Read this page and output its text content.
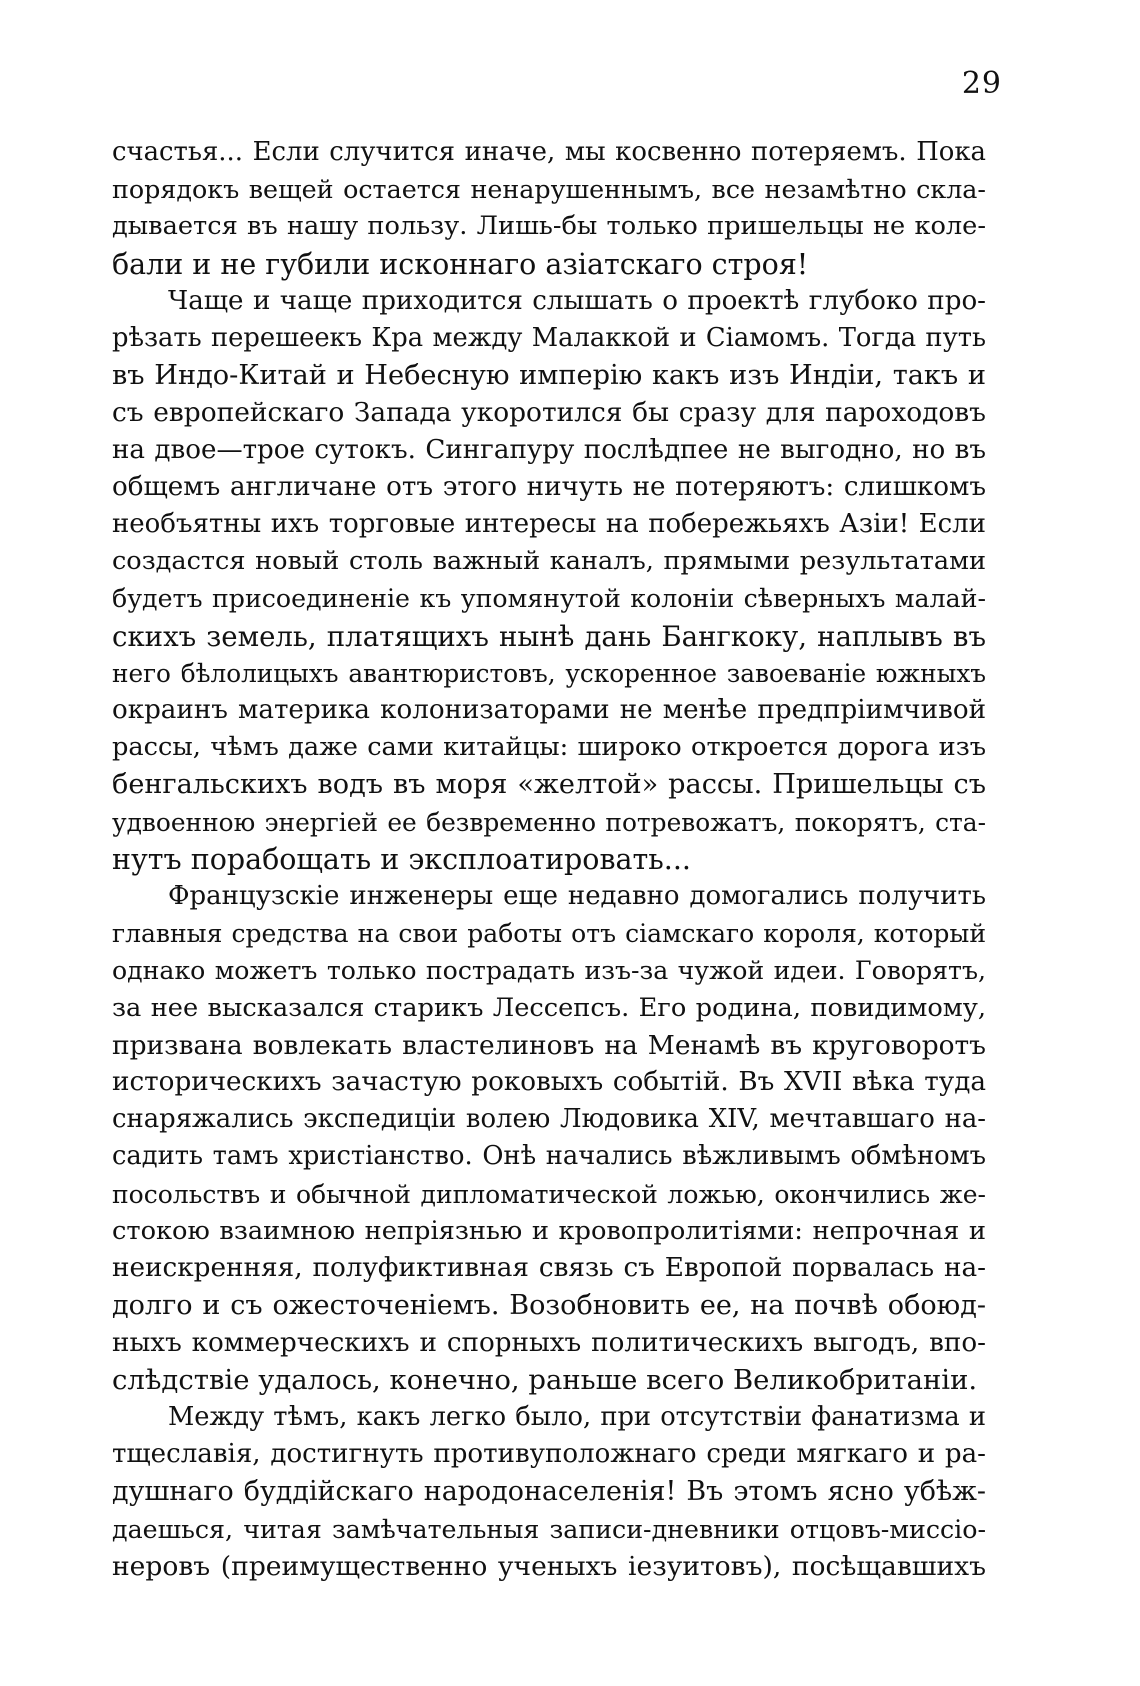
29
счастья... Если случится иначе, мы косвенно потеряемъ. Пока
порядокъ вещей остается ненарушеннымъ, все незамѣтно скла-
дывается въ нашу пользу. Лишь-бы только пришельцы не коле-
бали и не губили исконнаго азіатскаго строя!
Чаще и чаще приходится слышать о проектѣ глубоко про-
рѣзать перешеекъ Кра между Малаккой и Сіамомъ. Тогда путь
въ Индо-Китай и Небесную имперію какъ изъ Индіи, такъ и
съ европейскаго Запада укоротился бы сразу для пароходовъ
на двое—трое сутокъ. Сингапуру послѣдпее не выгодно, но въ
общемъ англичане отъ этого ничуть не потеряютъ: слишкомъ
необъятны ихъ торговые интересы на побережьяхъ Азіи! Если
создастся новый столь важный каналъ, прямыми результатами
будетъ присоединеніе къ упомянутой колоніи сѣверныхъ малай-
скихъ земель, платящихъ нынѣ дань Бангкоку, наплывъ въ
него бѣлолицыхъ авантюристовъ, ускоренное завоеваніе южныхъ
окраинъ материка колонизаторами не менѣе предпріимчивой
рассы, чѣмъ даже сами китайцы: широко откроется дорога изъ
бенгальскихъ водъ въ моря «желтой» рассы. Пришельцы съ
удвоенною энергіей ее безвременно потревожатъ, покорятъ, ста-
нутъ порабощать и эксплоатировать...
Французскіе инженеры еще недавно домогались получить
главныя средства на свои работы отъ сіамскаго короля, который
однако можетъ только пострадать изъ-за чужой идеи. Говорятъ,
за нее высказался старикъ Лессепсъ. Его родина, повидимому,
призвана вовлекать властелиновъ на Менамѣ въ круговоротъ
историческихъ зачастую роковыхъ событій. Въ XVII вѣка туда
снаряжались экспедиціи волею Людовика XIV, мечтавшаго на-
садить тамъ христіанство. Онѣ начались вѣжливымъ обмѣномъ
посольствъ и обычной дипломатической ложью, окончились же-
стокою взаимною непріязнью и кровопролитіями: непрочная и
неискренняя, полуфиктивная связь съ Европой порвалась на-
долго и съ ожесточеніемъ. Возобновить ее, на почвѣ обоюд-
ныхъ коммерческихъ и спорныхъ политическихъ выгодъ, впо-
слѣдствіе удалось, конечно, раньше всего Великобританіи.
Между тѣмъ, какъ легко было, при отсутствіи фанатизма и
тщеславія, достигнуть противуположнаго среди мягкаго и ра-
душнаго буддійскаго народонаселенія! Въ этомъ ясно убѣж-
даешься, читая замѣчательныя записи-дневники отцовъ-миссіо-
неровъ (преимущественно ученыхъ іезуитовъ), посѣщавшихъ
